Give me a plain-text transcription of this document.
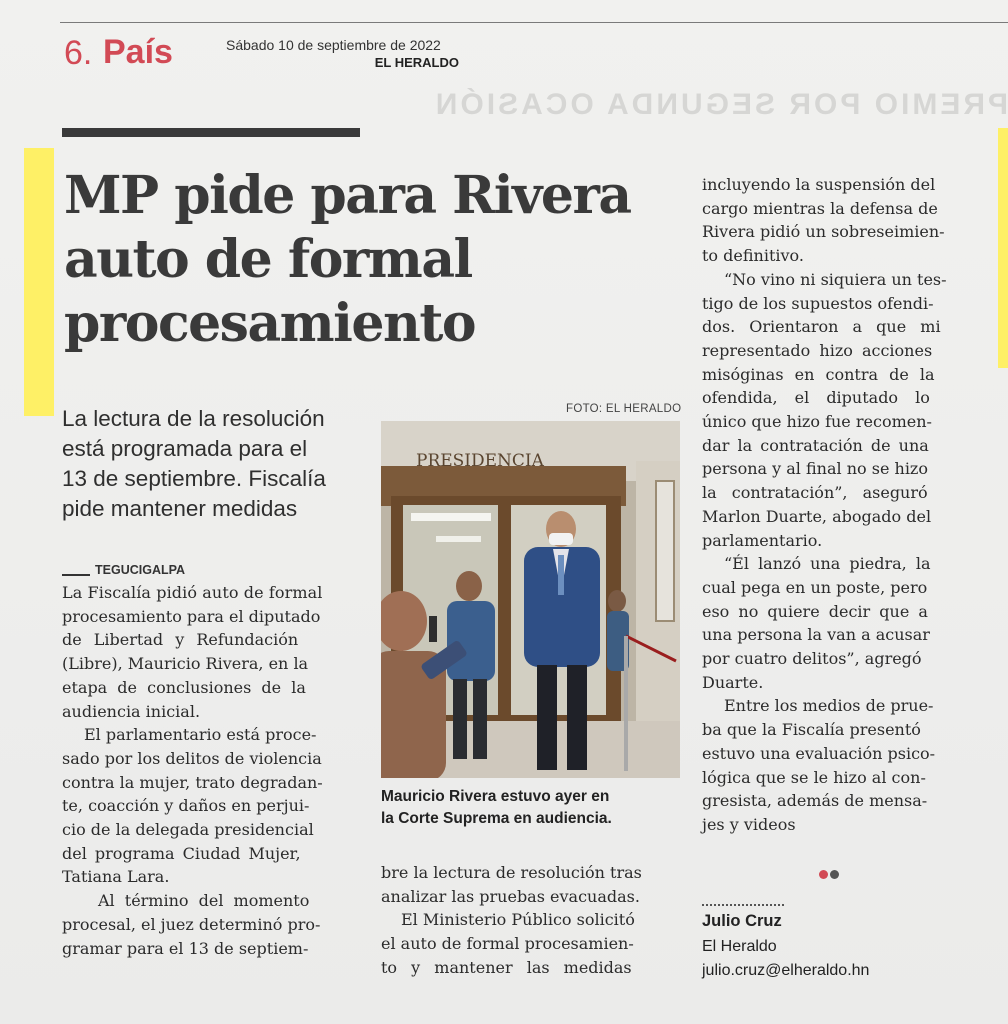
6. País	Sábado 10 de septiembre de 2022
EL HERALDO
PREMIO POR SEGUNDA OCASIÓN
MP pide para Rivera
auto de formal
procesamiento

La lectura de la resolución
está programada para el
13 de septiembre. Fiscalía
pide mantener medidas

FOTO: EL HERALDO
PRESIDENCIA

Mauricio Rivera estuvo ayer en
la Corte Suprema en audiencia.

TEGUCIGALPA
La Fiscalía pidió auto de formal
procesamiento para el diputado
de Libertad y Refundación
(Libre), Mauricio Rivera, en la
etapa de conclusiones de la
audiencia inicial.
El parlamentario está proce-
sado por los delitos de violencia
contra la mujer, trato degradan-
te, coacción y daños en perjui-
cio de la delegada presidencial
del programa Ciudad Mujer,
Tatiana Lara.
Al término del momento
procesal, el juez determinó pro-
gramar para el 13 de septiem-
bre la lectura de resolución tras
analizar las pruebas evacuadas.
El Ministerio Público solicitó
el auto de formal procesamien-
to y mantener las medidas
incluyendo la suspensión del
cargo mientras la defensa de
Rivera pidió un sobreseimien-
to definitivo.
“No vino ni siquiera un tes-
tigo de los supuestos ofendi-
dos. Orientaron a que mi
representado hizo acciones
misóginas en contra de la
ofendida, el diputado lo
único que hizo fue recomen-
dar la contratación de una
persona y al final no se hizo
la contratación”, aseguró
Marlon Duarte, abogado del
parlamentario.
“Él lanzó una piedra, la
cual pega en un poste, pero
eso no quiere decir que a
una persona la van a acusar
por cuatro delitos”, agregó
Duarte.
Entre los medios de prue-
ba que la Fiscalía presentó
estuvo una evaluación psico-
lógica que se le hizo al con-
gresista, además de mensa-
jes y videos
Julio Cruz
El Heraldo
julio.cruz@elheraldo.hn
